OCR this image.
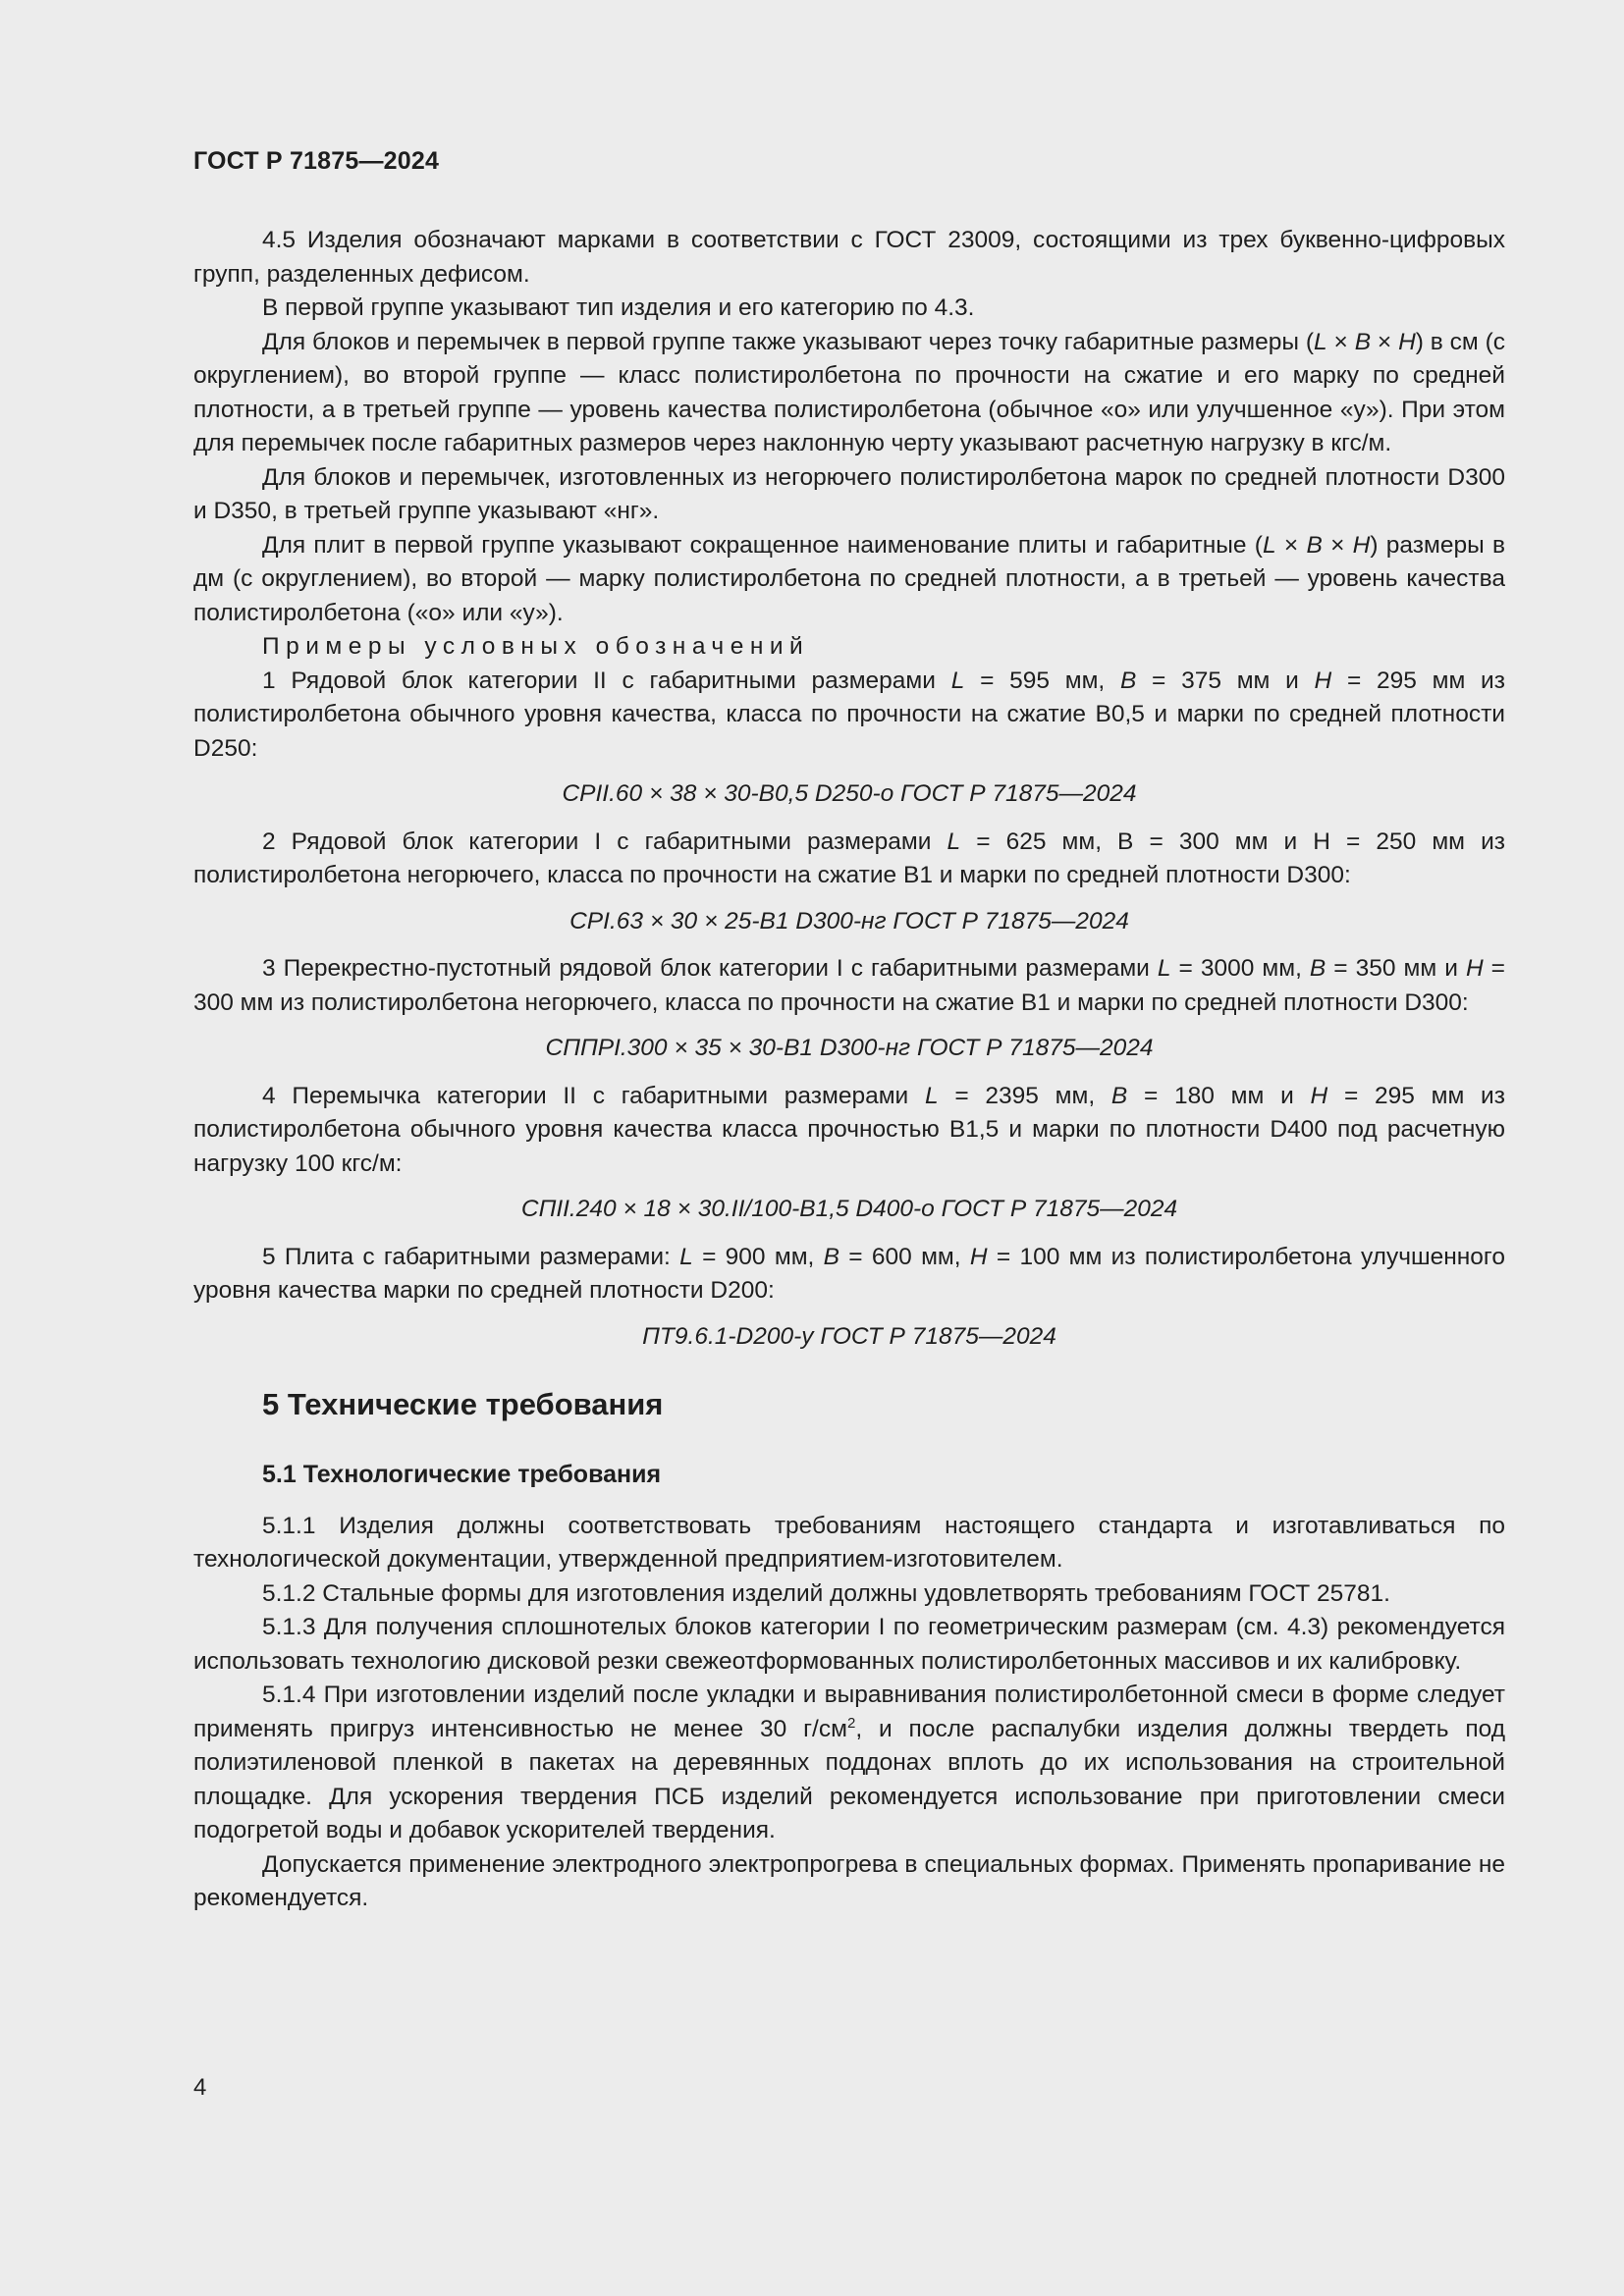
ГОСТ Р 71875—2024

4.5 Изделия обозначают марками в соответствии с ГОСТ 23009, состоящими из трех буквенно-цифровых групп, разделенных дефисом.

В первой группе указывают тип изделия и его категорию по 4.3.

Для блоков и перемычек в первой группе также указывают через точку габаритные размеры (L × B × H) в см (с округлением), во второй группе — класс полистиролбетона по прочности на сжатие и его марку по средней плотности, а в третьей группе — уровень качества полистиролбетона (обычное «о» или улучшенное «у»). При этом для перемычек после габаритных размеров через наклонную черту указывают расчетную нагрузку в кгс/м.

Для блоков и перемычек, изготовленных из негорючего полистиролбетона марок по средней плотности D300 и D350, в третьей группе указывают «нг».

Для плит в первой группе указывают сокращенное наименование плиты и габаритные (L × B × H) размеры в дм (с округлением), во второй — марку полистиролбетона по средней плотности, а в третьей — уровень качества полистиролбетона («о» или «у»).

Примеры условных обозначений

1 Рядовой блок категории II с габаритными размерами L = 595 мм, B = 375 мм и H = 295 мм из полистиролбетона обычного уровня качества, класса по прочности на сжатие В0,5 и марки по средней плотности D250:

СРII.60 × 38 × 30-В0,5 D250-о ГОСТ Р 71875—2024

2 Рядовой блок категории I с габаритными размерами L = 625 мм, В = 300 мм и Н = 250 мм из полистиролбетона негорючего, класса по прочности на сжатие В1 и марки по средней плотности D300:

СРI.63 × 30 × 25-В1 D300-нг ГОСТ Р 71875—2024

3 Перекрестно-пустотный рядовой блок категории I с габаритными размерами L = 3000 мм, B = 350 мм и H = 300 мм из полистиролбетона негорючего, класса по прочности на сжатие В1 и марки по средней плотности D300:

СППРI.300 × 35 × 30-В1 D300-нг ГОСТ Р 71875—2024

4 Перемычка категории II с габаритными размерами L = 2395 мм, B = 180 мм и H = 295 мм из полистиролбетона обычного уровня качества класса прочностью В1,5 и марки по плотности D400 под расчетную нагрузку 100 кгс/м:

СПII.240 × 18 × 30.II/100-В1,5 D400-о ГОСТ Р 71875—2024

5 Плита с габаритными размерами: L = 900 мм, B = 600 мм, H = 100 мм из полистиролбетона улучшенного уровня качества марки по средней плотности D200:

ПТ9.6.1-D200-у ГОСТ Р 71875—2024
5 Технические требования
5.1 Технологические требования

5.1.1 Изделия должны соответствовать требованиям настоящего стандарта и изготавливаться по технологической документации, утвержденной предприятием-изготовителем.

5.1.2 Стальные формы для изготовления изделий должны удовлетворять требованиям ГОСТ 25781.

5.1.3 Для получения сплошнотелых блоков категории I по геометрическим размерам (см. 4.3) рекомендуется использовать технологию дисковой резки свежеотформованных полистиролбетонных массивов и их калибровку.

5.1.4 При изготовлении изделий после укладки и выравнивания полистиролбетонной смеси в форме следует применять пригруз интенсивностью не менее 30 $г/см^2$, и после распалубки изделия должны твердеть под полиэтиленовой пленкой в пакетах на деревянных поддонах вплоть до их использования на строительной площадке. Для ускорения твердения ПСБ изделий рекомендуется использование при приготовлении смеси подогретой воды и добавок ускорителей твердения.

Допускается применение электродного электропрогрева в специальных формах. Применять пропаривание не рекомендуется.

4
